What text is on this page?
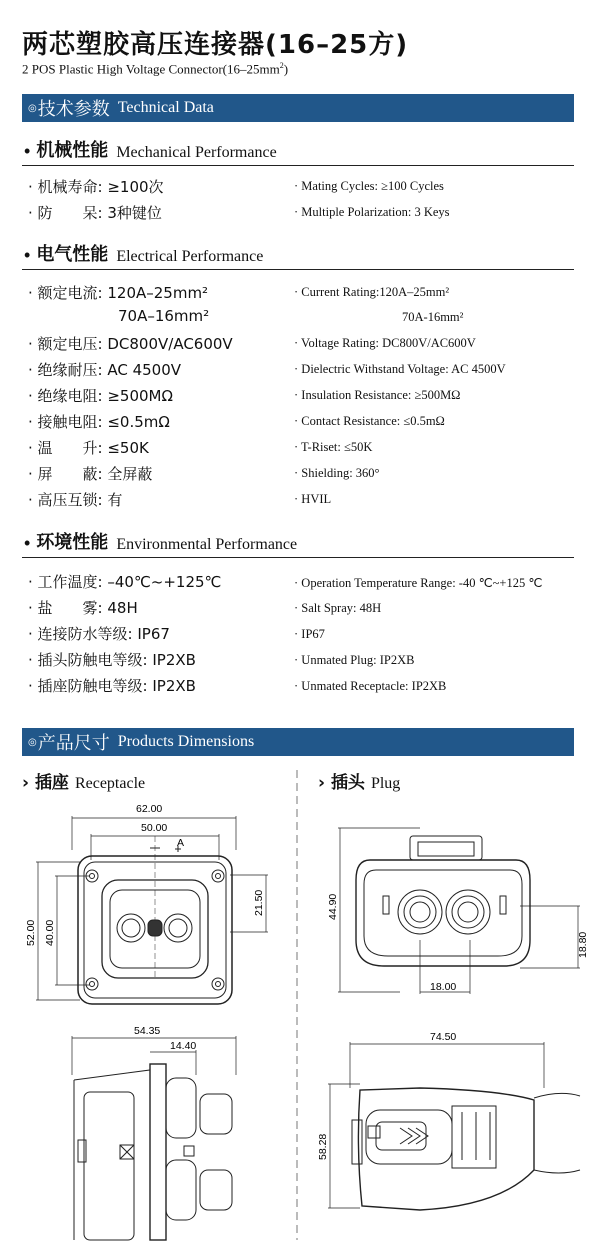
两芯塑胶高压连接器(16–25方)
2 POS Plastic High Voltage $Connector(16-25mm^2)$
◎ 技术参数 Technical Data
• 机械性能 Mechanical Performance
· 机械寿命: ≥100次	· Mating Cycles: ≥100 Cycles
· 防　　呆: 3种键位	· Multiple Polarization: 3 Keys
• 电气性能 Electrical Performance
· 额定电流: 120A–25mm²	· Current Rating:120A–25mm²
70A–16mm²	70A-16mm²
· 额定电压: DC800V/AC600V	· Voltage Rating: DC800V/AC600V
· 绝缘耐压: AC 4500V	· Dielectric Withstand Voltage: AC 4500V
· 绝缘电阻: ≥500MΩ	· Insulation Resistance: ≥500MΩ
· 接触电阻: ≤0.5mΩ	· Contact Resistance: ≤0.5mΩ
· 温　　升: ≤50K	· T-Riset: ≤50K
· 屏　　蔽: 全屏蔽	· Shielding: 360°
· 高压互锁: 有	· HVIL
• 环境性能 Environmental Performance
· 工作温度: –40℃~+125℃	· Operation Temperature Range: -40 ℃~+125 ℃
· 盐　　雾: 48H	· Salt Spray: 48H
· 连接防水等级: IP67	· IP67
· 插头防触电等级: IP2XB	· Unmated Plug: IP2XB
· 插座防触电等级: IP2XB	· Unmated Receptacle: IP2XB
◎ 产品尺寸 Products Dimensions
› 插座 Receptacle	› 插头 Plug
62.00
50.00
A
52.00 40.00
21.50
54.35
14.40
44.90
18.00
18.80
74.50
58.28
